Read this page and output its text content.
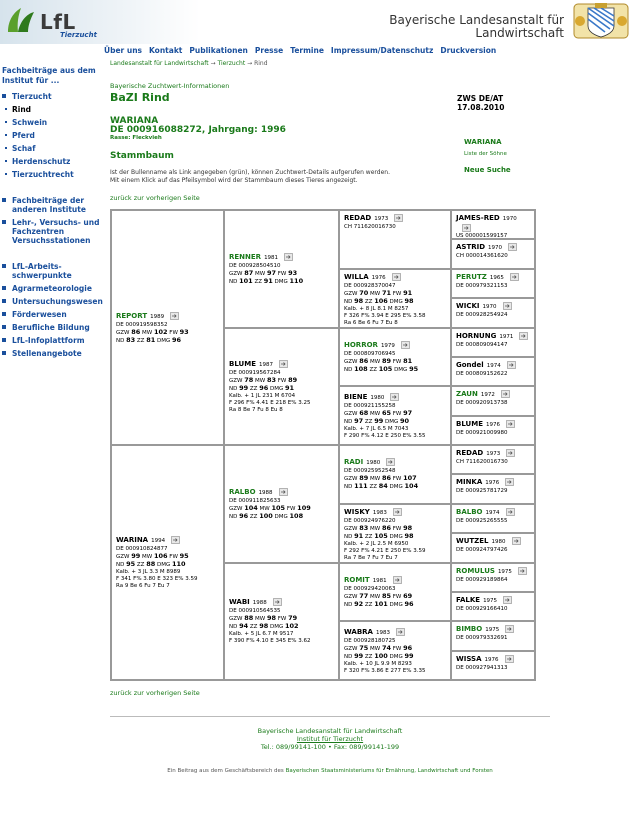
LfL
Tierzucht
Bayerische Landesanstalt für
Landwirtschaft
Über uns Kontakt Publikationen Presse Termine Impressum/Datenschutz Druckversion
Landesanstalt für Landwirtschaft → Tierzucht → Rind
Fachbeiträge aus dem Institut für ...
Tierzucht
Rind
Schwein
Pferd
Schaf
Herdenschutz
Tierzuchtrecht
Fachbeiträge der anderen Institute
Lehr-, Versuchs- und Fachzentren Versuchsstationen
LfL-Arbeits-schwerpunkte
Agrarmeteorologie
Untersuchungswesen
Förderwesen
Berufliche Bildung
LfL-Infoplattform
Stellenangebote
Bayerische Zuchtwert-Informationen
BaZI Rind	ZWS DE/AT 17.08.2010
WARIANA
DE 000916088272, Jahrgang: 1996
Rasse: Fleckvieh
Stammbaum
Ist der Bullenname als Link angegeben (grün), können Zuchtwert-Details aufgerufen werden.
Mit einem Klick auf das Pfeilsymbol wird der Stammbaum dieses Tieres angezeigt.
zurück zur vorherigen Seite
WARIANA
Liste der Söhne
Neue Suche
REPORT 1989
DE 000919598352
GZW 86 MW 102 FW 93
ND 83 ZZ 81 DMG 96
WARINA 1994
DE 000910824877
GZW 99 MW 106 FW 95
ND 95 ZZ 88 DMG 110
Kalb. + 3 JL 3.3 M 8989
F 341 F% 3.80 E 323 E% 3.59
Ra 9 Be 6 Fu 7 Eu 7
RENNER 1981
DE 000928504510
GZW 87 MW 97 FW 93
ND 101 ZZ 91 DMG 110
BLUME 1987
DE 000919567284
GZW 78 MW 83 FW 89
ND 99 ZZ 96 DMG 91
Kalb. + 1 JL 231 M 6704
F 296 F% 4.41 E 218 E% 3.25
Ra 8 Be 7 Fu 8 Eu 8
RALBO 1988
DE 000911825633
GZW 104 MW 105 FW 109
ND 96 ZZ 100 DMG 108
WABI 1988
DE 000910564535
GZW 88 MW 98 FW 79
ND 94 ZZ 98 DMG 102
Kalb. + 5 JL 6.7 M 9517
F 390 F% 4.10 E 345 E% 3.62
REDAD 1973
CH 711620016730
WILLA 1976
DE 000928370047
GZW 70 MW 71 FW 91
ND 98 ZZ 106 DMG 98
Kalb. + 8 JL 8.1 M 8257
F 326 F% 3.94 E 295 E% 3.58
Ra 6 Be 6 Fu 7 Eu 8
HORROR 1979
DE 000809706945
GZW 86 MW 89 FW 81
ND 108 ZZ 105 DMG 95
BIENE 1980
DE 000921155258
GZW 68 MW 65 FW 97
ND 97 ZZ 99 DMG 90
Kalb. + 7 JL 6.5 M 7043
F 290 F% 4.12 E 250 E% 3.55
RADI 1980
DE 000925952548
GZW 89 MW 86 FW 107
ND 111 ZZ 84 DMG 104
WISKY 1983
DE 000924976220
GZW 83 MW 86 FW 98
ND 91 ZZ 105 DMG 98
Kalb. + 2 JL 2.5 M 6950
F 292 F% 4.21 E 250 E% 3.59
Ra 7 Be 7 Fu 7 Eu 7
ROMIT 1981
DE 000929420063
GZW 77 MW 85 FW 69
ND 92 ZZ 101 DMG 96
WABRA 1983
DE 000928180725
GZW 75 MW 74 FW 96
ND 99 ZZ 100 DMG 99
Kalb. + 10 JL 9.9 M 8293
F 320 F% 3.86 E 277 E% 3.35
JAMES-RED 1970
US 000001599157
ASTRID 1970
CH 000014361620
PERUTZ 1965
DE 000979321153
WICKI 1970
DE 000928254924
HORNUNG 1971
DE 000809094147
Gondel 1974
DE 000809152622
ZAUN 1972
DE 000920913738
BLUME 1976
DE 000921009980
REDAD 1973
CH 711620016730
MINKA 1976
DE 000925781729
BALBO 1974
DE 000925265555
WUTZEL 1980
DE 000924797426
ROMULUS 1975
DE 000929189864
FALKE 1975
DE 000929166410
BIMBO 1975
DE 000979332691
WISSA 1976
DE 000927941313
zurück zur vorherigen Seite
Bayerische Landesanstalt für Landwirtschaft
Institut für Tierzucht
Tel.: 089/99141-100 • Fax: 089/99141-199
Ein Beitrag aus dem Geschäftsbereich des Bayerischen Staatsministeriums für Ernährung, Landwirtschaft und Forsten
